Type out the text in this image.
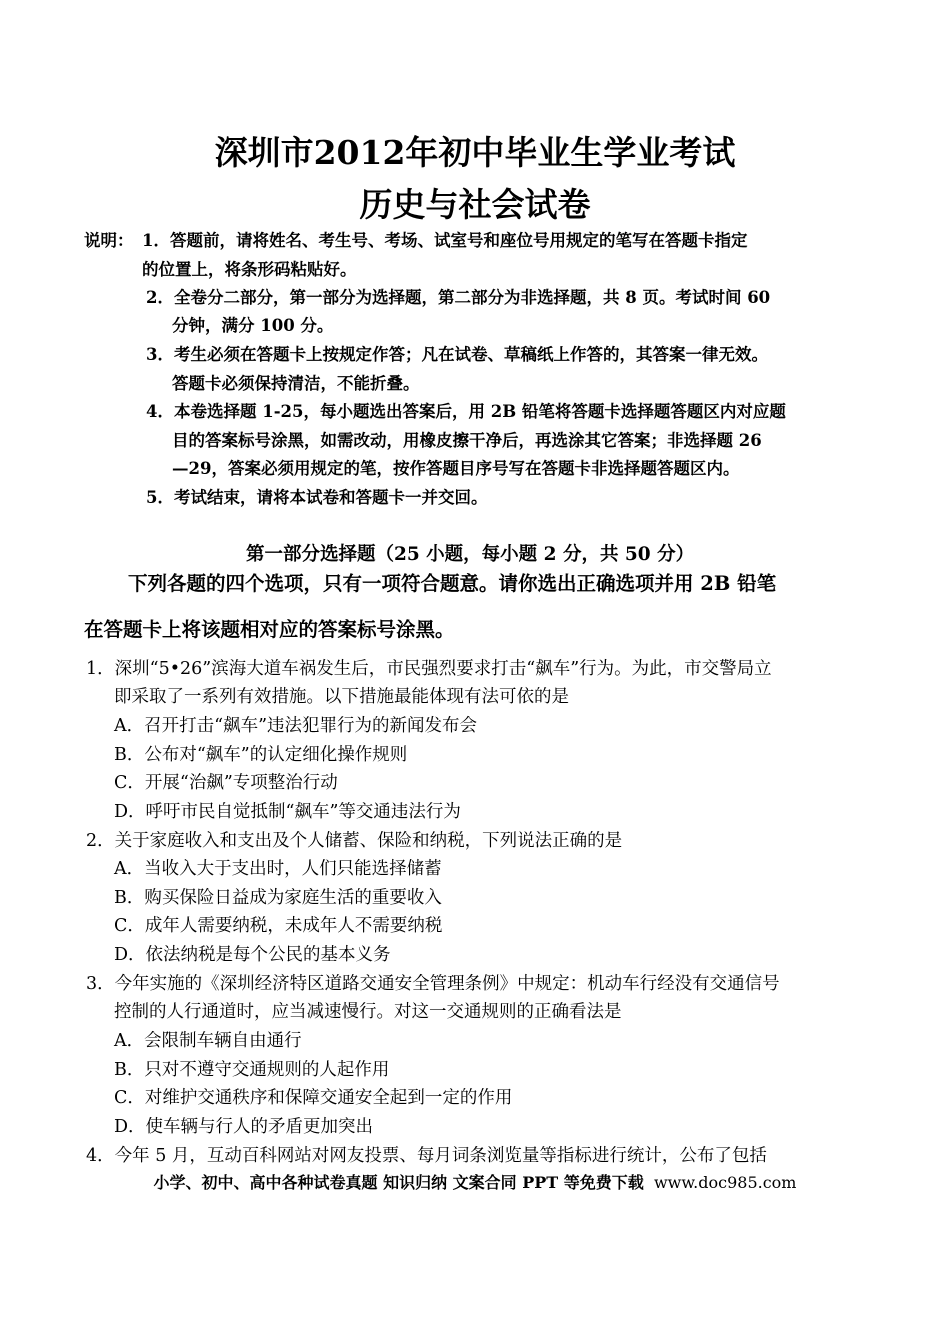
深圳市2012年初中毕业生学业考试
历史与社会试卷
说明： 1．答题前，请将姓名、考生号、考场、试室号和座位号用规定的笔写在答题卡指定
的位置上，将条形码粘贴好。
2．全卷分二部分，第一部分为选择题，第二部分为非选择题，共 8 页。考试时间 60
分钟，满分 100 分。
3．考生必须在答题卡上按规定作答；凡在试卷、草稿纸上作答的，其答案一律无效。
答题卡必须保持清洁，不能折叠。
4．本卷选择题 1-25，每小题选出答案后，用 2B 铅笔将答题卡选择题答题区内对应题
目的答案标号涂黑，如需改动，用橡皮擦干净后，再选涂其它答案；非选择题 26
—29，答案必须用规定的笔，按作答题目序号写在答题卡非选择题答题区内。
5．考试结束，请将本试卷和答题卡一并交回。
第一部分选择题（25 小题，每小题 2 分，共 50 分）
下列各题的四个选项，只有一项符合题意。请你选出正确选项并用 2B 铅笔
在答题卡上将该题相对应的答案标号涂黑。
1．深圳“5•26”滨海大道车祸发生后，市民强烈要求打击“飙车”行为。为此，市交警局立
即采取了一系列有效措施。以下措施最能体现有法可依的是
A．召开打击“飙车”违法犯罪行为的新闻发布会
B．公布对“飙车”的认定细化操作规则
C．开展“治飙”专项整治行动
D．呼吁市民自觉抵制“飙车”等交通违法行为
2．关于家庭收入和支出及个人储蓄、保险和纳税，下列说法正确的是
A．当收入大于支出时，人们只能选择储蓄
B．购买保险日益成为家庭生活的重要收入
C．成年人需要纳税，未成年人不需要纳税
D．依法纳税是每个公民的基本义务
3．今年实施的《深圳经济特区道路交通安全管理条例》中规定：机动车行经没有交通信号
控制的人行通道时，应当减速慢行。对这一交通规则的正确看法是
A．会限制车辆自由通行
B．只对不遵守交通规则的人起作用
C．对维护交通秩序和保障交通安全起到一定的作用
D．使车辆与行人的矛盾更加突出
4．今年 5 月，互动百科网站对网友投票、每月词条浏览量等指标进行统计，公布了包括
小学、初中、高中各种试卷真题 知识归纳 文案合同 PPT 等免费下载 www.doc985.com
